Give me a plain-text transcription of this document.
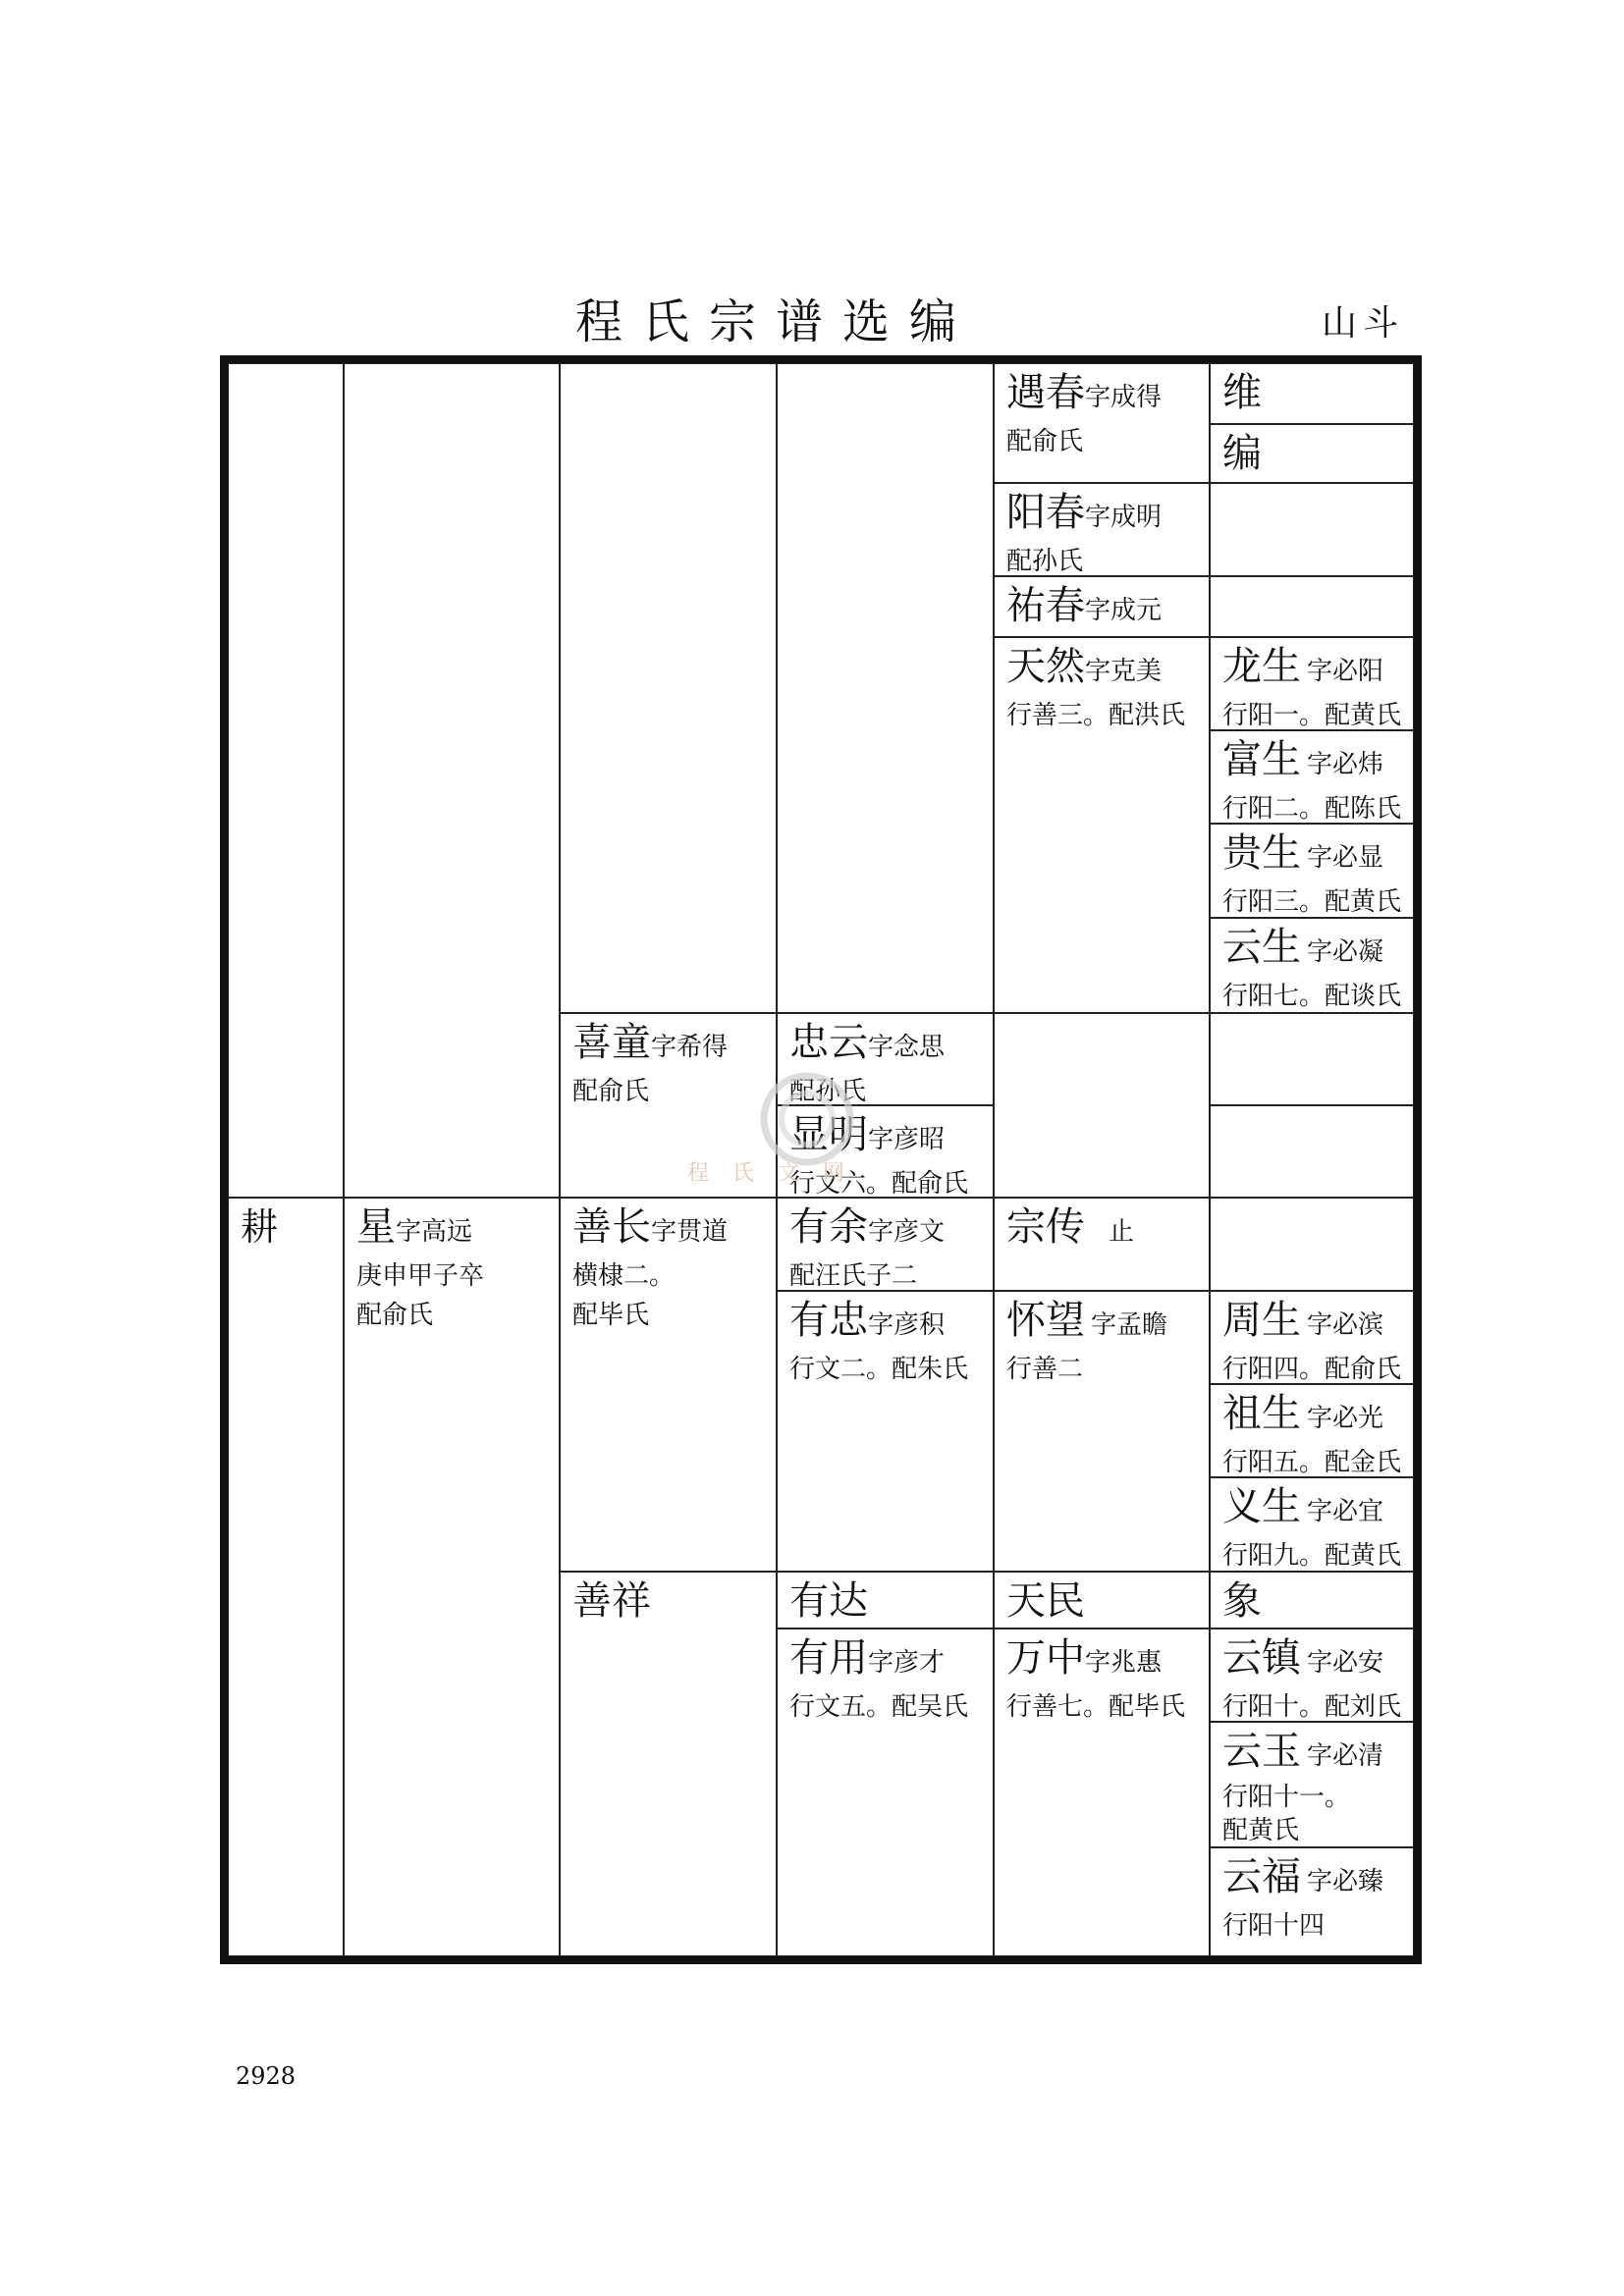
程氏宗谱选编	山斗
耕	星字高远
庚申甲子卒
配俞氏
喜童字希得
配俞氏
善长字贯道
横棣二。
配毕氏
善祥
忠云字念思
配孙氏
显明字彦昭
行文六。配俞氏
有余字彦文
配汪氏子二
有忠字彦积
行文二。配朱氏
有达
有用字彦才
行文五。配吴氏
遇春字成得
配俞氏
阳春字成明
配孙氏
祐春字成元
天然字克美
行善三。配洪氏
宗传 止
怀望 字孟瞻
行善二
天民
万中字兆惠
行善七。配毕氏
维
编
龙生 字必阳
行阳一。配黄氏
富生 字必炜
行阳二。配陈氏
贵生 字必显
行阳三。配黄氏
云生 字必凝
行阳七。配谈氏
周生 字必滨
行阳四。配俞氏
祖生 字必光
行阳五。配金氏
义生 字必宜
行阳九。配黄氏
象
云镇 字必安
行阳十。配刘氏
云玉 字必清
行阳十一。
配黄氏
云福 字必臻
行阳十四
程氏文网
2928
